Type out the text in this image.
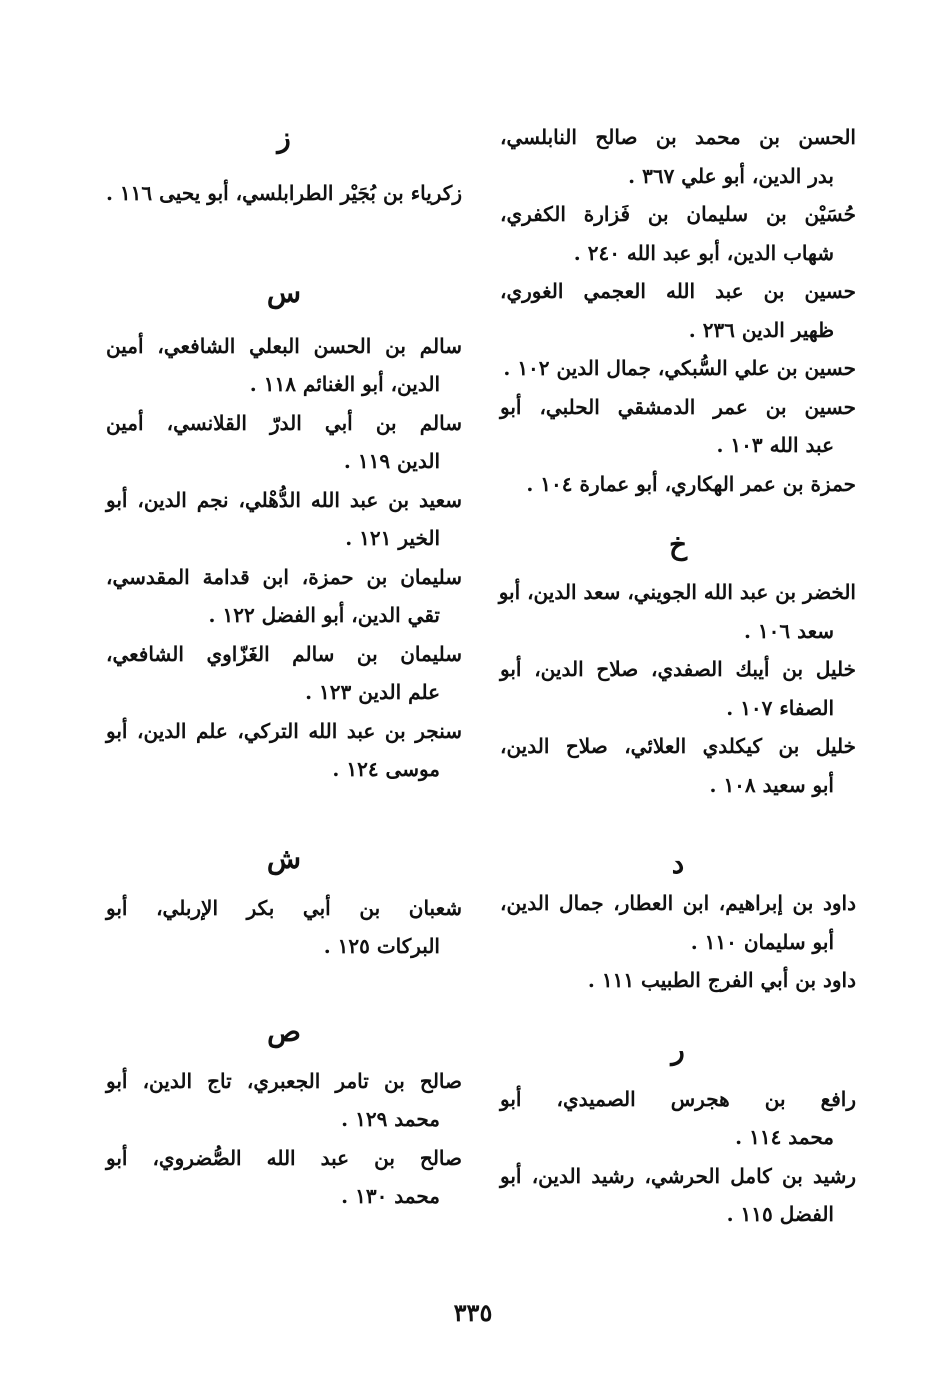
الحسن بن محمد بن صالح النابلسي،
بدر الدين، أبو علي ٣٦٧ .
حُسَيْن بن سليمان بن فَزارة الكفري،
شهاب الدين، أبو عبد الله ٢٤٠ .
حسين بن عبد الله العجمي الغوري،
ظهير الدين ٢٣٦ .
حسين بن علي السُّبكي، جمال الدين ١٠٢ .
حسين بن عمر الدمشقي الحلبي، أبو
عبد الله ١٠٣ .
حمزة بن عمر الهكاري، أبو عمارة ١٠٤ .
خ
الخضر بن عبد الله الجويني، سعد الدين، أبو
سعد ١٠٦ .
خليل بن أيبك الصفدي، صلاح الدين، أبو
الصفاء ١٠٧ .
خليل بن كيكلدي العلائي، صلاح الدين،
أبو سعيد ١٠٨ .
د
داود بن إبراهيم، ابن العطار، جمال الدين،
أبو سليمان ١١٠ .
داود بن أبي الفرج الطبيب ١١١ .
ر
رافع بن هجرس الصميدي، أبو
محمد ١١٤ .
رشيد بن كامل الحرشي، رشيد الدين، أبو
الفضل ١١٥ .
ز
زكرياء بن بُجَيْر الطرابلسي، أبو يحيى ١١٦ .
س
سالم بن الحسن البعلي الشافعي، أمين
الدين، أبو الغنائم ١١٨ .
سالم بن أبي الدرّ القلانسي، أمين
الدين ١١٩ .
سعيد بن عبد الله الدُّهْلي، نجم الدين، أبو
الخير ١٢١ .
سليمان بن حمزة، ابن قدامة المقدسي،
تقي الدين، أبو الفضل ١٢٢ .
سليمان بن سالم الغَزّاوي الشافعي،
علم الدين ١٢٣ .
سنجر بن عبد الله التركي، علم الدين، أبو
موسى ١٢٤ .
ش
شعبان بن أبي بكر الإربلي، أبو
البركات ١٢٥ .
ص
صالح بن تامر الجعبري، تاج الدين، أبو
محمد ١٢٩ .
صالح بن عبد الله الصُّضروي، أبو
محمد ١٣٠ .
٣٣٥
